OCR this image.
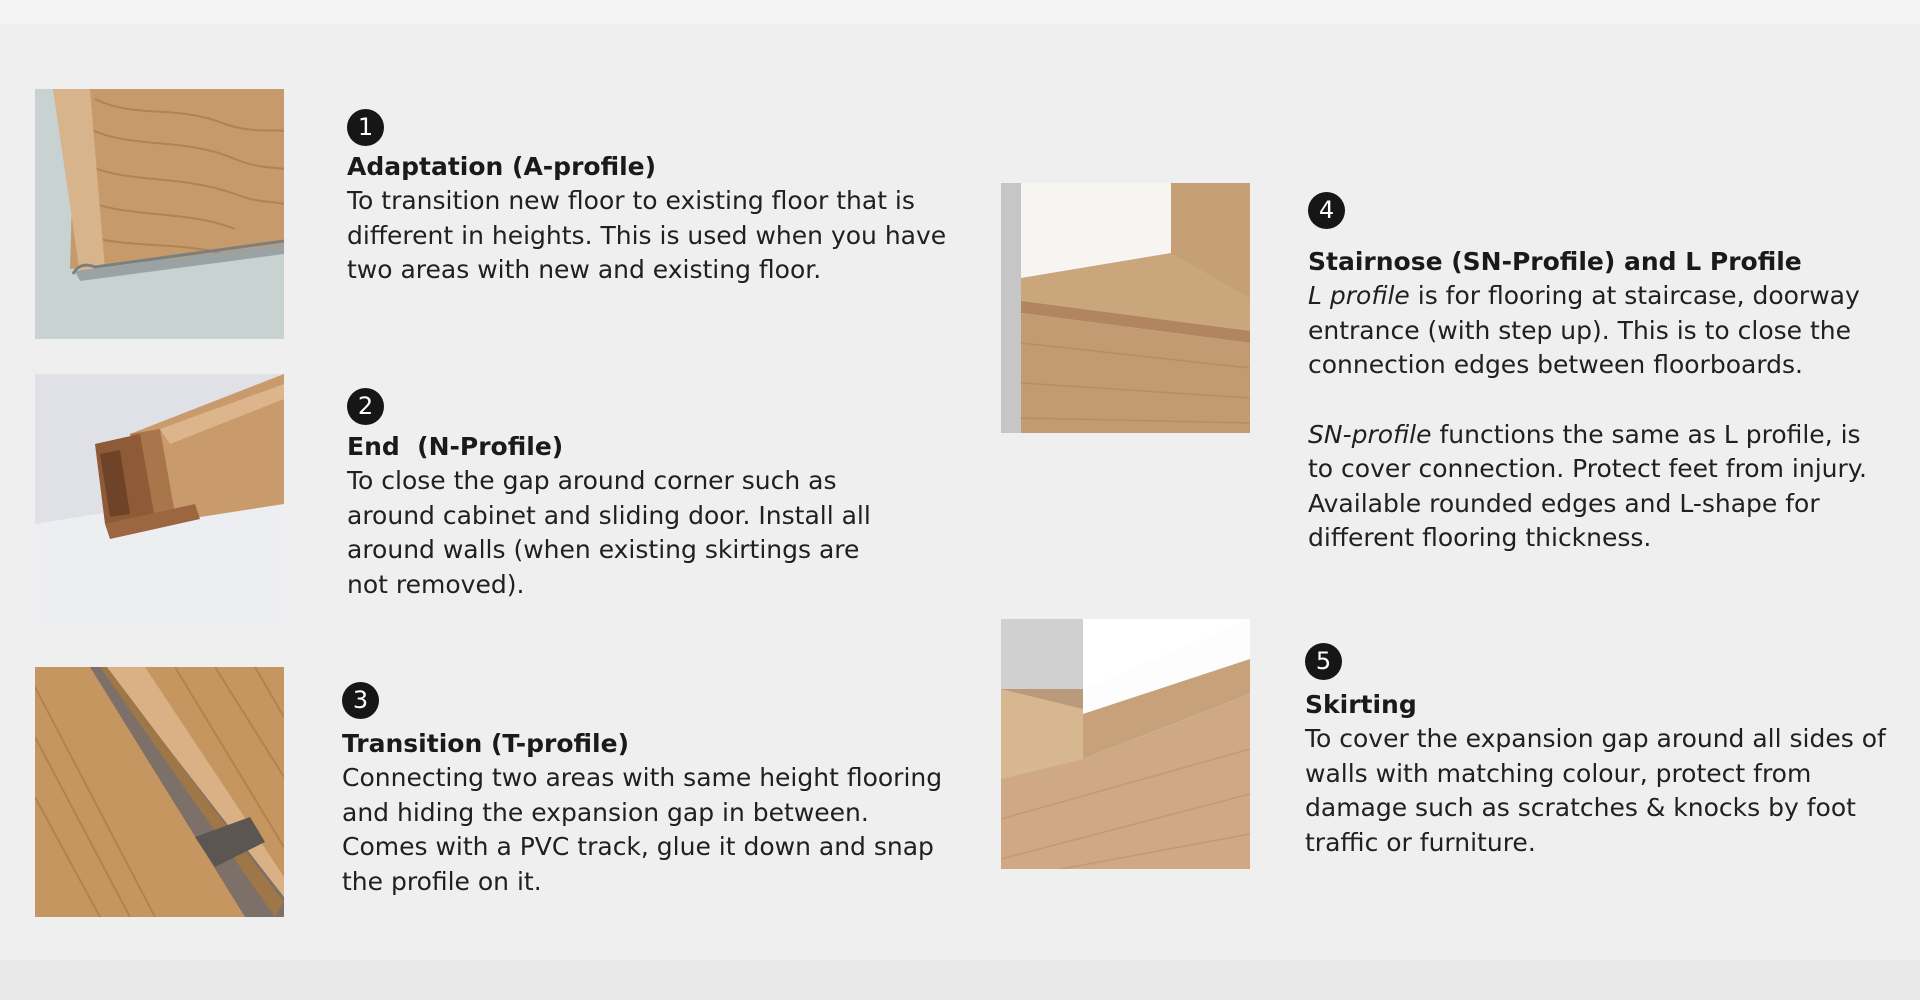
1

Adaptation (A-profile)

To transition new floor to existing floor that is

different in heights. This is used when you have

two areas with new and existing floor.

2

End  (N-Profile)

To close the gap around corner such as

around cabinet and sliding door. Install all

around walls (when existing skirtings are

not removed).

3

Transition (T-profile)

Connecting two areas with same height flooring

and hiding the expansion gap in between.

Comes with a PVC track, glue it down and snap

the profile on it.

4

Stairnose (SN-Profile) and L Profile

L profile is for flooring at staircase, doorway

entrance (with step up). This is to close the

connection edges between floorboards.

SN-profile functions the same as L profile, is

to cover connection. Protect feet from injury.

Available rounded edges and L-shape for

different flooring thickness.

5

Skirting

To cover the expansion gap around all sides of

walls with matching colour, protect from

damage such as scratches & knocks by foot

traffic or furniture.
